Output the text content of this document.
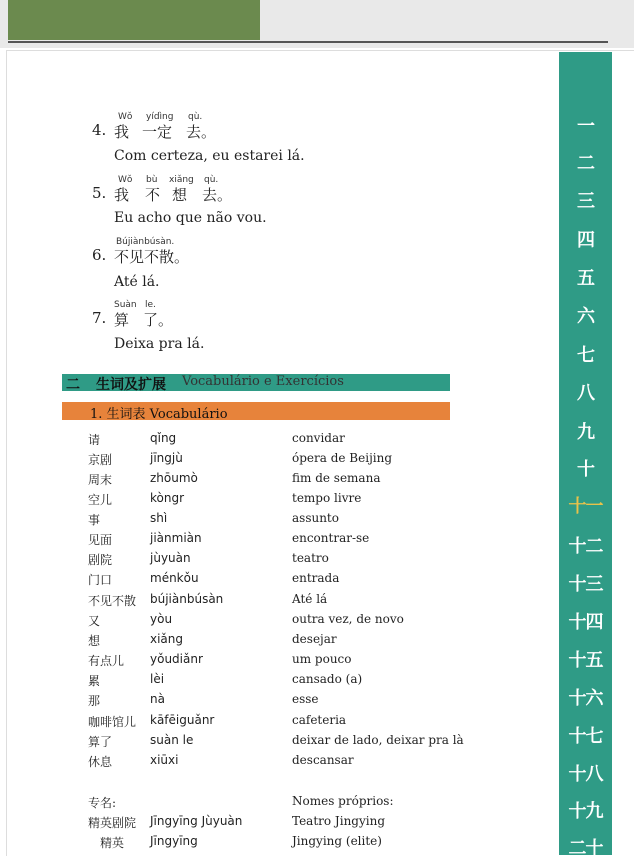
Wǒ yídìng qù.
4. 我 一定 去。
Com certeza, eu estarei lá.
Wǒ bù xiǎng qù.
5. 我 不 想 去。
Eu acho que não vou.
Bújiànbúsàn.
6. 不见不散。
Até lá.
Suàn le.
7. 算 了。
Deixa pra lá.
二 生词及扩展 Vocabulário e Exercícios
1. 生词表 Vocabulário
请	qǐng	convidar
京剧	jīngjù	ópera de Beijing
周末	zhōumò	fim de semana
空儿	kòngr	tempo livre
事	shì	assunto
见面	jiànmiàn	encontrar-se
剧院	jùyuàn	teatro
门口	ménkǒu	entrada
不见不散 bújiànbúsàn	Até lá
又	yòu	outra vez, de novo
想	xiǎng	desejar
有点儿 yǒudiǎnr	um pouco
累	lèi	cansado (a)
那	nà	esse
咖啡馆儿 kāfēiguǎnr	cafeteria
算了	suàn le	deixar de lado, deixar pra là
休息	xiūxi	descansar
专名:	Nomes próprios:
精英剧院 Jīngyīng Jùyuàn	Teatro Jingying
精英 Jīngyīng	Jingying (elite)
一
二
三
四
五
六
七
八
九
十
十一
十二
十三
十四
十五
十六
十七
十八
十九
二十
